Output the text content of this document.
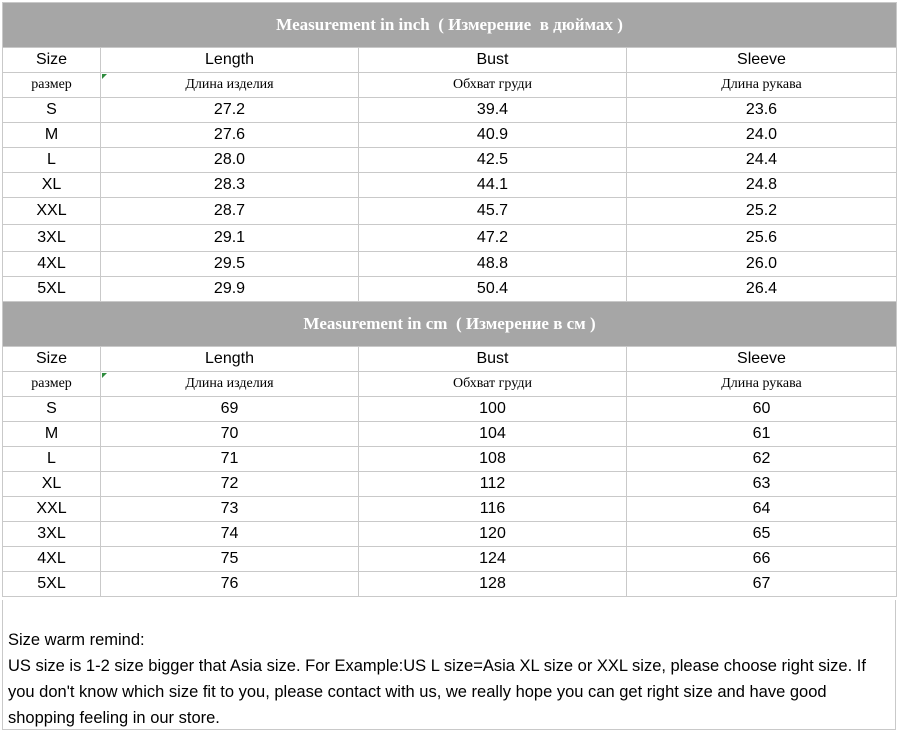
Measurement in inch  ( Измерение  в дюймах )			
Size	Length	Bust	Sleeve
размер	Длина изделия	Обхват груди	Длина рукава
S	27.2	39.4	23.6
M	27.6	40.9	24.0
L	28.0	42.5	24.4
XL	28.3	44.1	24.8
XXL	28.7	45.7	25.2
3XL	29.1	47.2	25.6
4XL	29.5	48.8	26.0
5XL	29.9	50.4	26.4
Measurement in cm  ( Измерение в см )			
Size	Length	Bust	Sleeve
размер	Длина изделия	Обхват груди	Длина рукава
S	69	100	60
M	70	104	61
L	71	108	62
XL	72	112	63
XXL	73	116	64
3XL	74	120	65
4XL	75	124	66
5XL	76	128	67

Size warm remind:

US size is 1-2 size bigger that Asia size. For Example:US L size=Asia XL size or XXL size, please choose right size. If you don't know which size fit to you, please contact with us, we really hope you can get right size and have good shopping feeling in our store.
